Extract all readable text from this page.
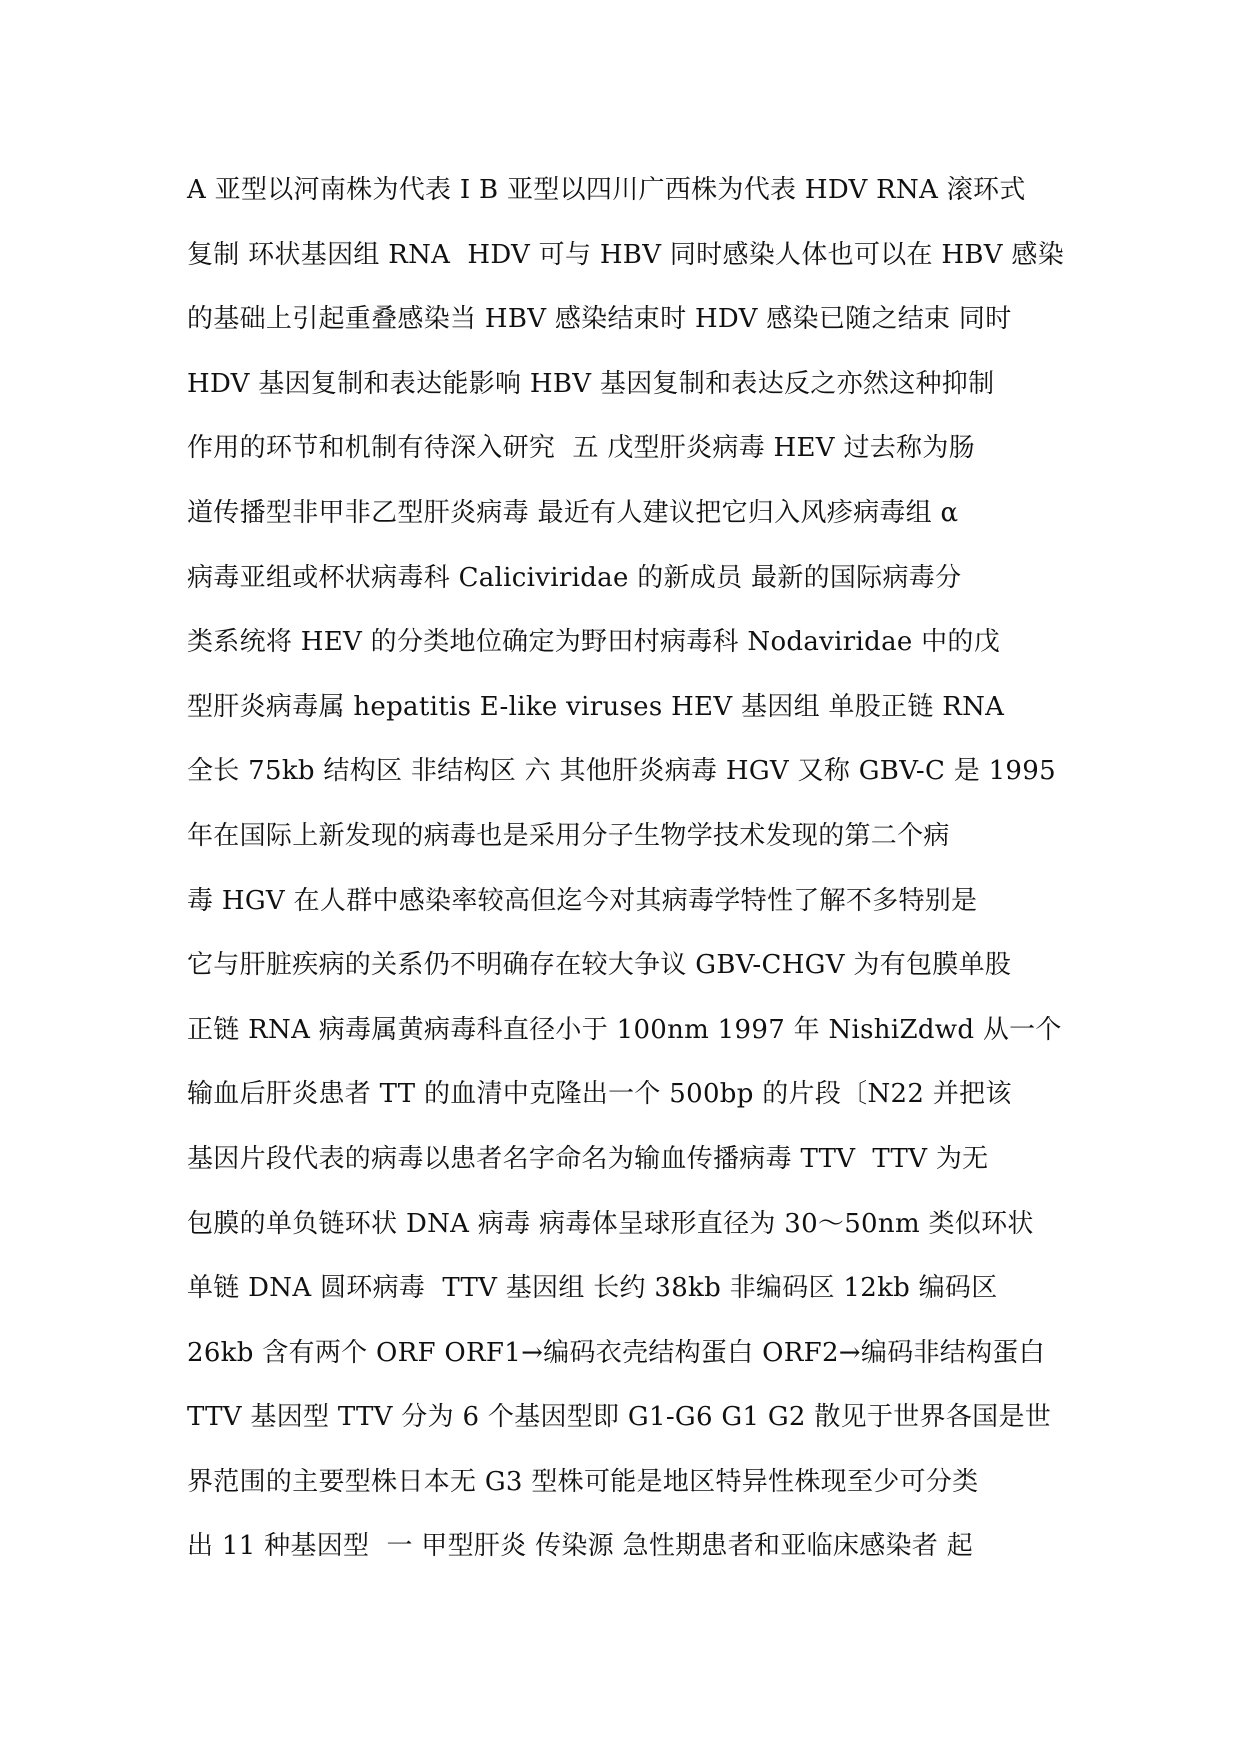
A 亚型以河南株为代表 I B 亚型以四川广西株为代表 HDV RNA 滚环式
复制 环状基因组 RNA  HDV 可与 HBV 同时感染人体也可以在 HBV 感染
的基础上引起重叠感染当 HBV 感染结束时 HDV 感染已随之结束 同时
HDV 基因复制和表达能影响 HBV 基因复制和表达反之亦然这种抑制
作用的环节和机制有待深入研究  五 戊型肝炎病毒 HEV 过去称为肠
道传播型非甲非乙型肝炎病毒 最近有人建议把它归入风疹病毒组 α
病毒亚组或杯状病毒科 Caliciviridae 的新成员 最新的国际病毒分
类系统将 HEV 的分类地位确定为野田村病毒科 Nodaviridae 中的戊
型肝炎病毒属 hepatitis E-like viruses HEV 基因组 单股正链 RNA
全长 75kb 结构区 非结构区 六 其他肝炎病毒 HGV 又称 GBV-C 是 1995
年在国际上新发现的病毒也是采用分子生物学技术发现的第二个病
毒 HGV 在人群中感染率较高但迄今对其病毒学特性了解不多特别是
它与肝脏疾病的关系仍不明确存在较大争议 GBV-CHGV 为有包膜单股
正链 RNA 病毒属黄病毒科直径小于 100nm 1997 年 NishiZdwd 从一个
输血后肝炎患者 TT 的血清中克隆出一个 500bp 的片段〔N22 并把该
基因片段代表的病毒以患者名字命名为输血传播病毒 TTV  TTV 为无
包膜的单负链环状 DNA 病毒 病毒体呈球形直径为 30～50nm 类似环状
单链 DNA 圆环病毒  TTV 基因组 长约 38kb 非编码区 12kb 编码区
26kb 含有两个 ORF ORF1→编码衣壳结构蛋白 ORF2→编码非结构蛋白
TTV 基因型 TTV 分为 6 个基因型即 G1-G6 G1 G2 散见于世界各国是世
界范围的主要型株日本无 G3 型株可能是地区特异性株现至少可分类
出 11 种基因型  一 甲型肝炎 传染源 急性期患者和亚临床感染者 起
